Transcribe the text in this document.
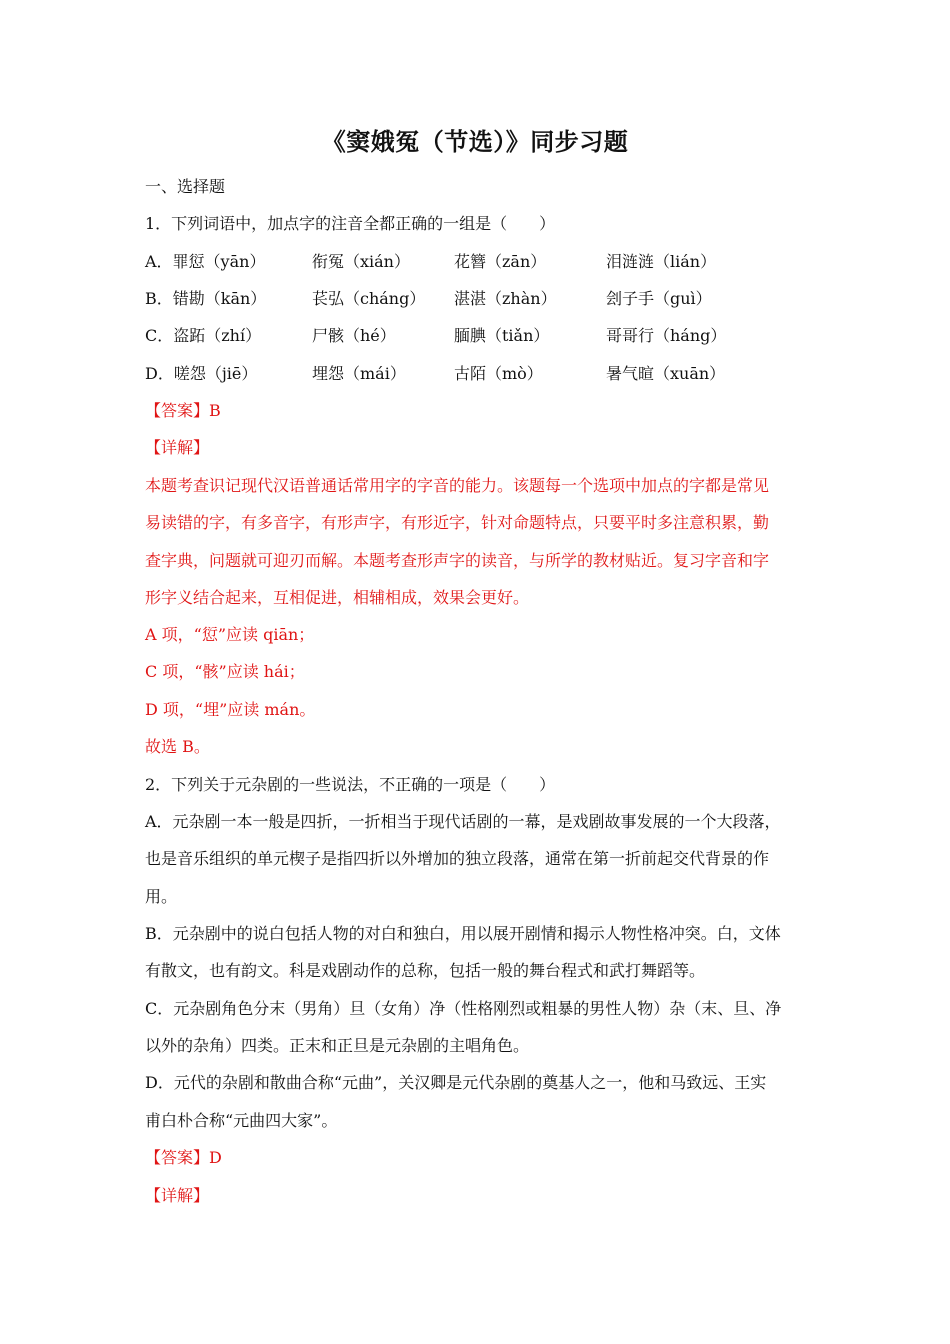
《窦娥冤（节选）》同步习题
一、选择题
1．下列词语中，加点字的注音全都正确的一组是（　　）
A．罪愆（yān）	衔冤（xián）	花簪（zān）	泪涟涟（lián）
B．错勘（kān）	苌弘（cháng） 湛湛（zhàn）	刽子手（guì）
C．盗跖（zhí）	尸骸（hé）	腼腆（tiǎn）	哥哥行（háng）
D．嗟怨（jiē）	埋怨（mái）	古陌（mò）	暑气暄（xuān）
【答案】B
【详解】
本题考查识记现代汉语普通话常用字的字音的能力。该题每一个选项中加点的字都是常见
易读错的字，有多音字，有形声字，有形近字，针对命题特点，只要平时多注意积累，勤
查字典，问题就可迎刃而解。本题考查形声字的读音，与所学的教材贴近。复习字音和字
形字义结合起来，互相促进，相辅相成，效果会更好。
A 项，“愆”应读 qiān；
C 项，“骸”应读 hái；
D 项，“埋”应读 mán。
故选 B。
2．下列关于元杂剧的一些说法，不正确的一项是（　　）
A．元杂剧一本一般是四折，一折相当于现代话剧的一幕，是戏剧故事发展的一个大段落，
也是音乐组织的单元楔子是指四折以外增加的独立段落，通常在第一折前起交代背景的作
用。
B．元杂剧中的说白包括人物的对白和独白，用以展开剧情和揭示人物性格冲突。白，文体
有散文，也有韵文。科是戏剧动作的总称，包括一般的舞台程式和武打舞蹈等。
C．元杂剧角色分末（男角）旦（女角）净（性格刚烈或粗暴的男性人物）杂（末、旦、净
以外的杂角）四类。正末和正旦是元杂剧的主唱角色。
D．元代的杂剧和散曲合称“元曲”，关汉卿是元代杂剧的奠基人之一，他和马致远、王实
甫白朴合称“元曲四大家”。
【答案】D
【详解】
